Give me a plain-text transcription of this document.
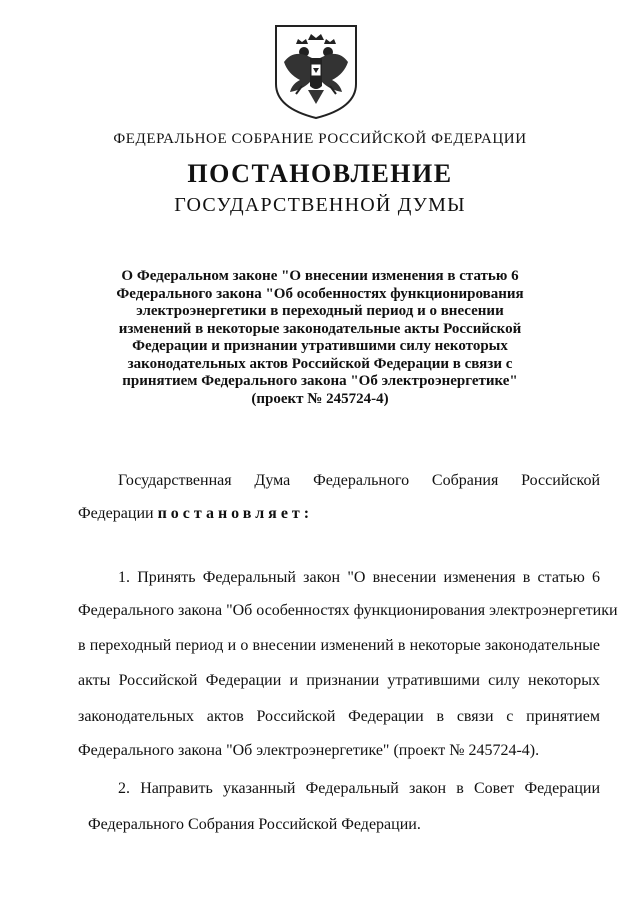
ФЕДЕРАЛЬНОЕ СОБРАНИЕ РОССИЙСКОЙ ФЕДЕРАЦИИ
ПОСТАНОВЛЕНИЕ
ГОСУДАРСТВЕННОЙ ДУМЫ
О Федеральном законе "О внесении изменения в статью 6
Федерального закона "Об особенностях функционирования
электроэнергетики в переходный период и о внесении
изменений в некоторые законодательные акты Российской
Федерации и признании утратившими силу некоторых
законодательных актов Российской Федерации в связи с
принятием Федерального закона "Об электроэнергетике"
(проект № 245724-4)
Государственная Дума Федерального Собрания Российской
Федерации постановляет:
1. Принять Федеральный закон "О внесении изменения в статью 6
Федерального закона "Об особенностях функционирования электроэнергетики
в переходный период и о внесении изменений в некоторые законодательные
акты Российской Федерации и признании утратившими силу некоторых
законодательных актов Российской Федерации в связи с принятием
Федерального закона "Об электроэнергетике" (проект № 245724-4).
2. Направить указанный Федеральный закон в Совет Федерации
Федерального Собрания Российской Федерации.
